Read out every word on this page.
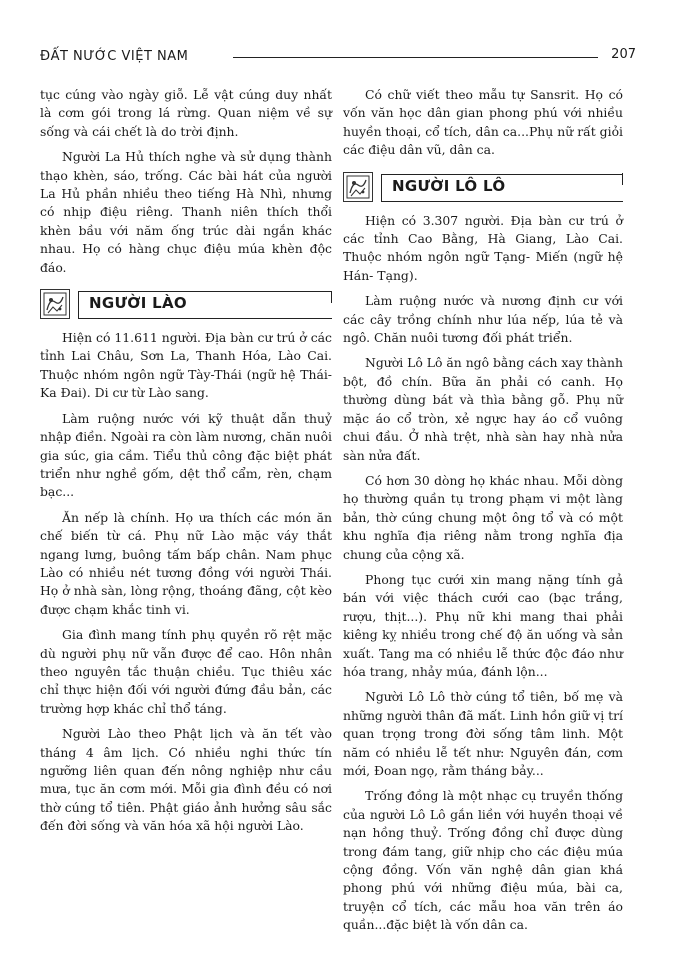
ĐẤT NƯỚC VIỆT NAM	207

tục cúng vào ngày giỗ. Lễ vật cúng duy nhất là cơm gói trong lá rừng. Quan niệm về sự sống và cái chết là do trời định.

Người La Hủ thích nghe và sử dụng thành thạo khèn, sáo, trống. Các bài hát của người La Hủ phần nhiều theo tiếng Hà Nhì, nhưng có nhịp điệu riêng. Thanh niên thích thổi khèn bầu với năm ống trúc dài ngắn khác nhau. Họ có hàng chục điệu múa khèn độc đáo.

NGƯỜI LÀO

Hiện có 11.611 người. Địa bàn cư trú ở các tỉnh Lai Châu, Sơn La, Thanh Hóa, Lào Cai. Thuộc nhóm ngôn ngữ Tày-Thái (ngữ hệ Thái-Ka Đai). Di cư từ Lào sang.

Làm ruộng nước với kỹ thuật dẫn thuỷ nhập điền. Ngoài ra còn làm nương, chăn nuôi gia súc, gia cầm. Tiểu thủ công đặc biệt phát triển như nghề gốm, dệt thổ cẩm, rèn, chạm bạc...

Ăn nếp là chính. Họ ưa thích các món ăn chế biến từ cá. Phụ nữ Lào mặc váy thắt ngang lưng, buông tấm bấp chân. Nam phục Lào có nhiều nét tương đồng với người Thái. Họ ở nhà sàn, lòng rộng, thoáng đãng, cột kèo được chạm khắc tinh vi.

Gia đình mang tính phụ quyền rõ rệt mặc dù người phụ nữ vẫn được để cao. Hôn nhân theo nguyên tắc thuận chiều. Tục thiêu xác chỉ thực hiện đối với người đứng đầu bản, các trường hợp khác chỉ thổ táng.

Người Lào theo Phật lịch và ăn tết vào tháng 4 âm lịch. Có nhiều nghi thức tín ngưỡng liên quan đến nông nghiệp như cầu mưa, tục ăn cơm mới. Mỗi gia đình đều có nơi thờ cúng tổ tiên. Phật giáo ảnh hưởng sâu sắc đến đời sống và văn hóa xã hội người Lào.

Có chữ viết theo mẫu tự Sansrit. Họ có vốn văn học dân gian phong phú với nhiều huyền thoại, cổ tích, dân ca...Phụ nữ rất giỏi các điệu dân vũ, dân ca.

NGƯỜI LÔ LÔ

Hiện có 3.307 người. Địa bàn cư trú ở các tỉnh Cao Bằng, Hà Giang, Lào Cai. Thuộc nhóm ngôn ngữ Tạng- Miến (ngữ hệ Hán- Tạng).

Làm ruộng nước và nương định cư với các cây trồng chính như lúa nếp, lúa tẻ và ngô. Chăn nuôi tương đối phát triển.

Người Lô Lô ăn ngô bằng cách xay thành bột, đồ chín. Bữa ăn phải có canh. Họ thường dùng bát và thìa bằng gỗ. Phụ nữ mặc áo cổ tròn, xẻ ngực hay áo cổ vuông chui đầu. Ở nhà trệt, nhà sàn hay nhà nửa sàn nửa đất.

Có hơn 30 dòng họ khác nhau. Mỗi dòng họ thường quần tụ trong phạm vi một làng bản, thờ cúng chung một ông tổ và có một khu nghĩa địa riêng nằm trong nghĩa địa chung của cộng xã.

Phong tục cưới xin mang nặng tính gả bán với việc thách cưới cao (bạc trắng, rượu, thịt...). Phụ nữ khi mang thai phải kiêng kỵ nhiều trong chế độ ăn uống và sản xuất. Tang ma có nhiều lễ thức độc đáo như hóa trang, nhảy múa, đánh lộn...

Người Lô Lô thờ cúng tổ tiên, bố mẹ và những người thân đã mất. Linh hồn giữ vị trí quan trọng trong đời sống tâm linh. Một năm có nhiều lễ tết như: Nguyên đán, cơm mới, Đoan ngọ, rằm tháng bảy...

Trống đồng là một nhạc cụ truyền thống của người Lô Lô gắn liền với huyền thoại về nạn hồng thuỷ. Trống đồng chỉ được dùng trong đám tang, giữ nhịp cho các điệu múa cộng đồng. Vốn văn nghệ dân gian khá phong phú với những điệu múa, bài ca, truyện cổ tích, các mẫu hoa văn trên áo quần...đặc biệt là vốn dân ca.
